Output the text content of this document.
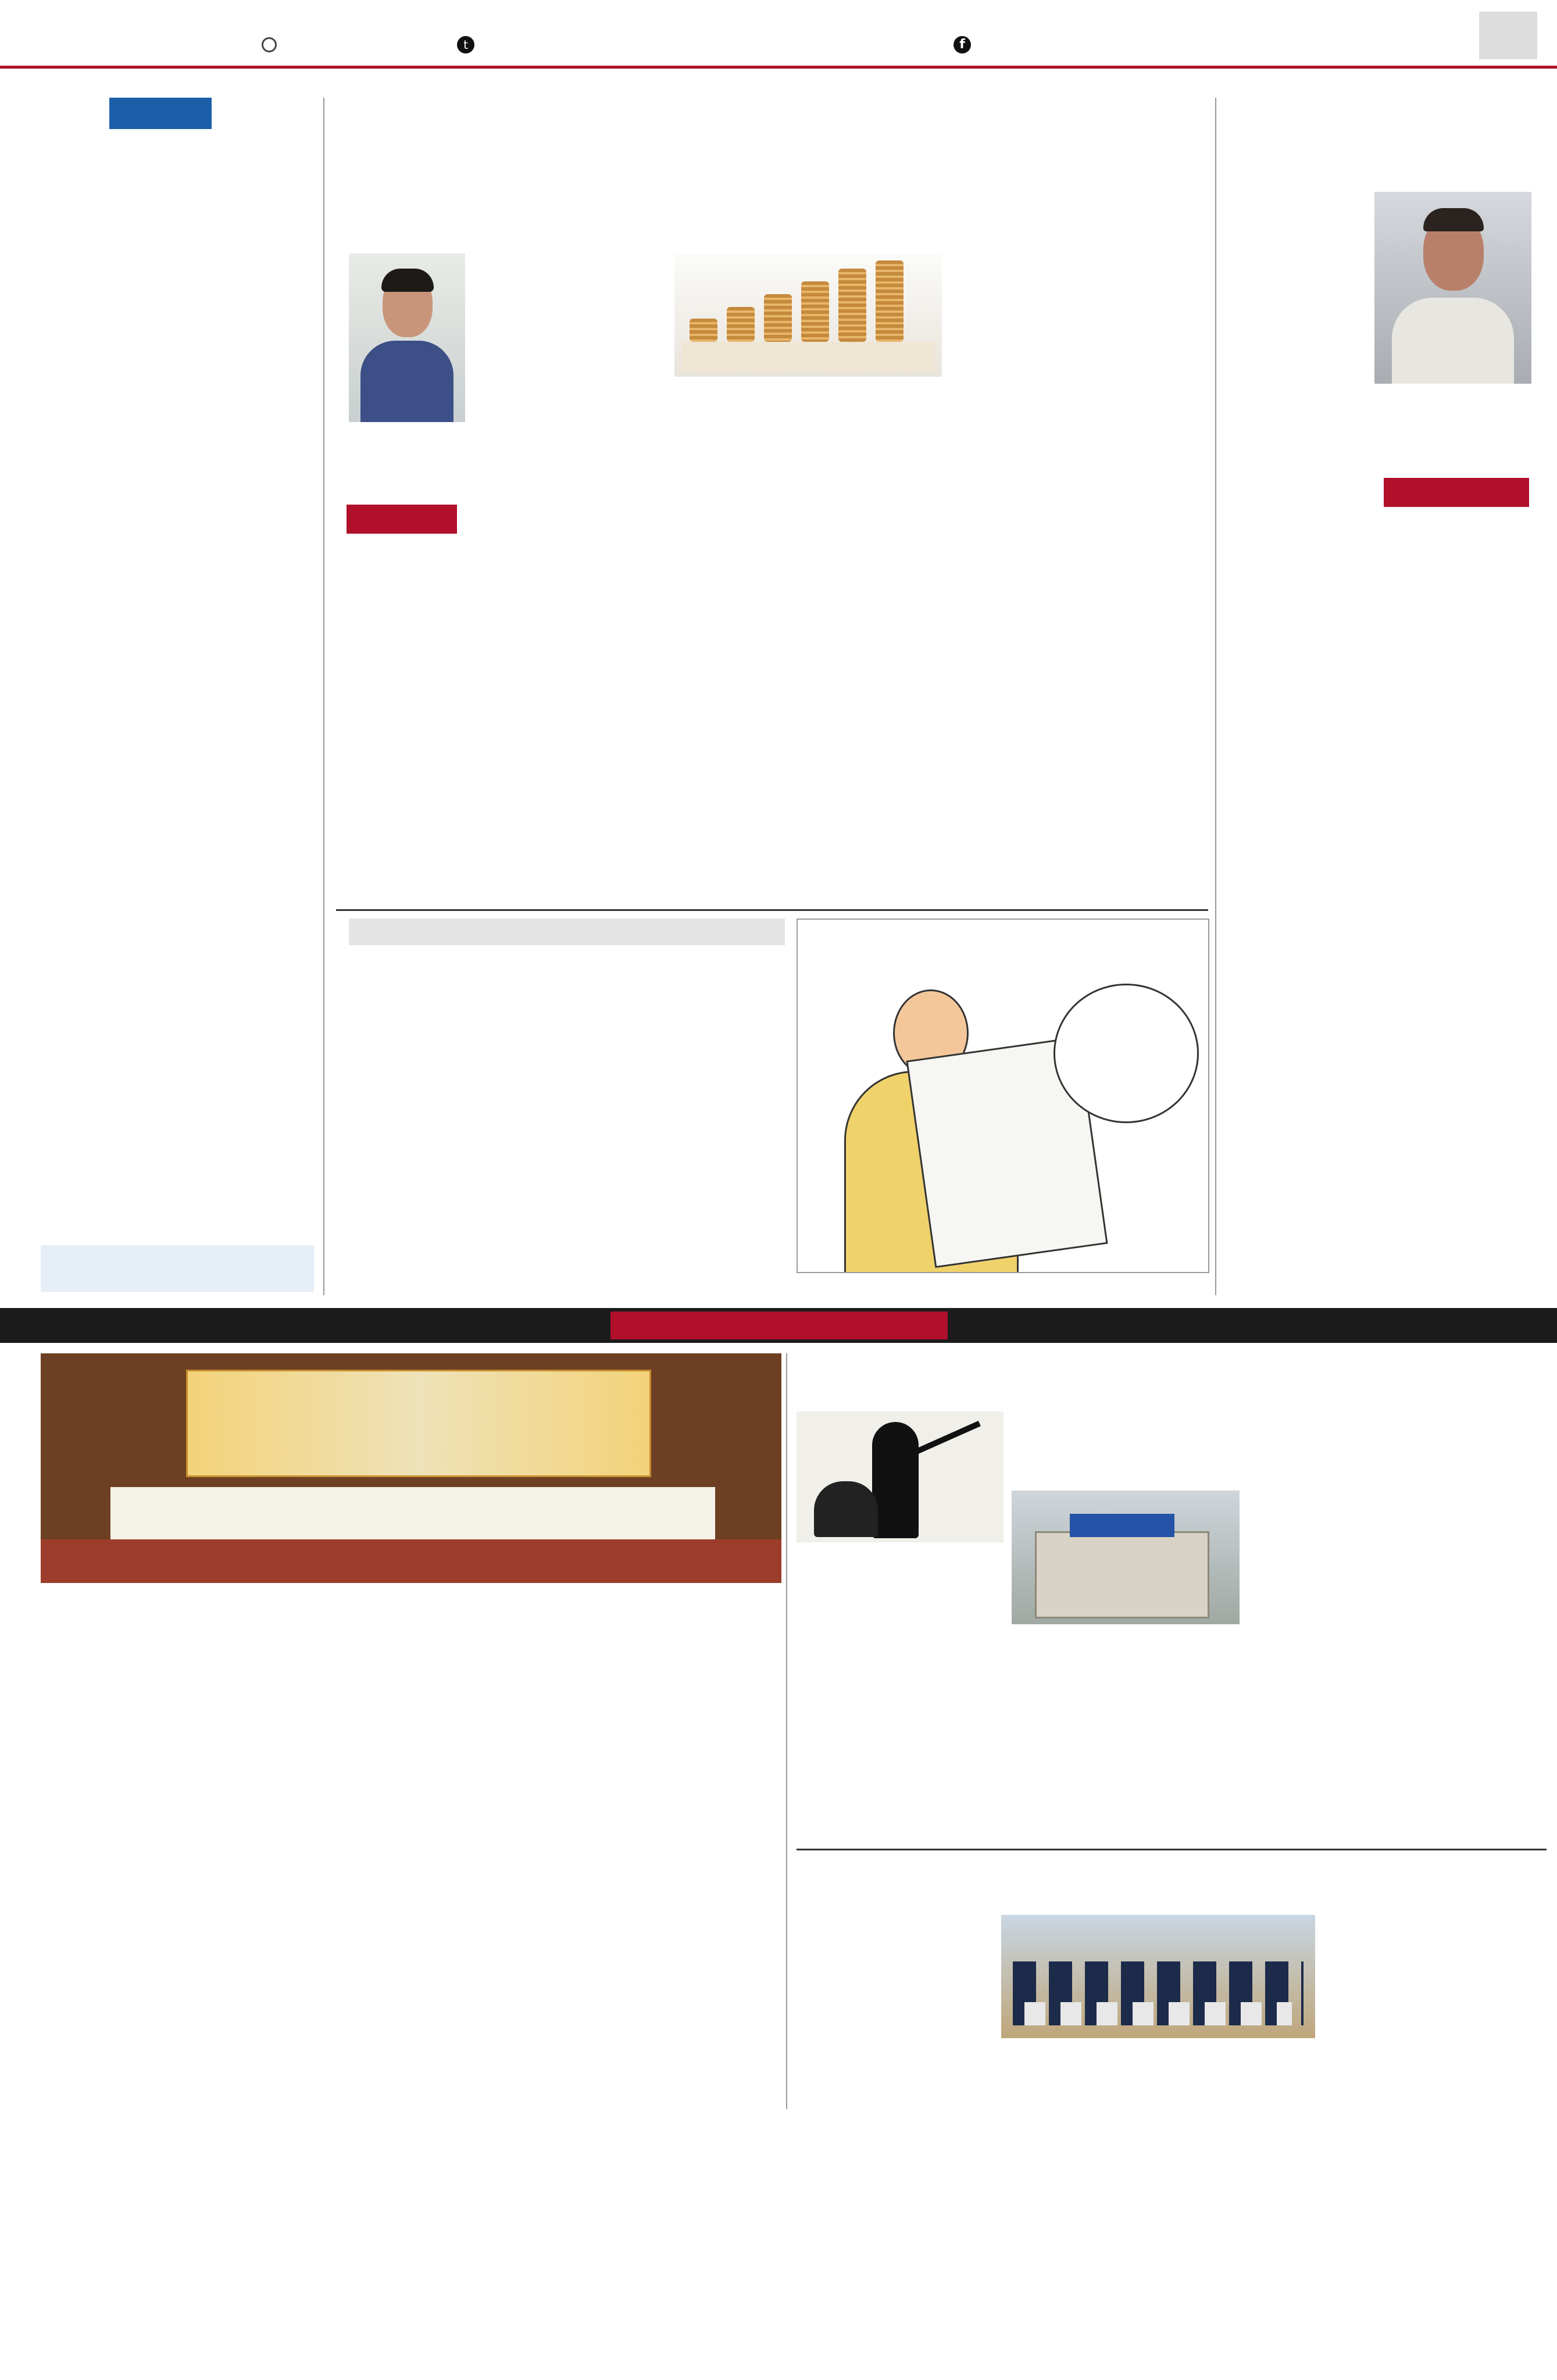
t	f
